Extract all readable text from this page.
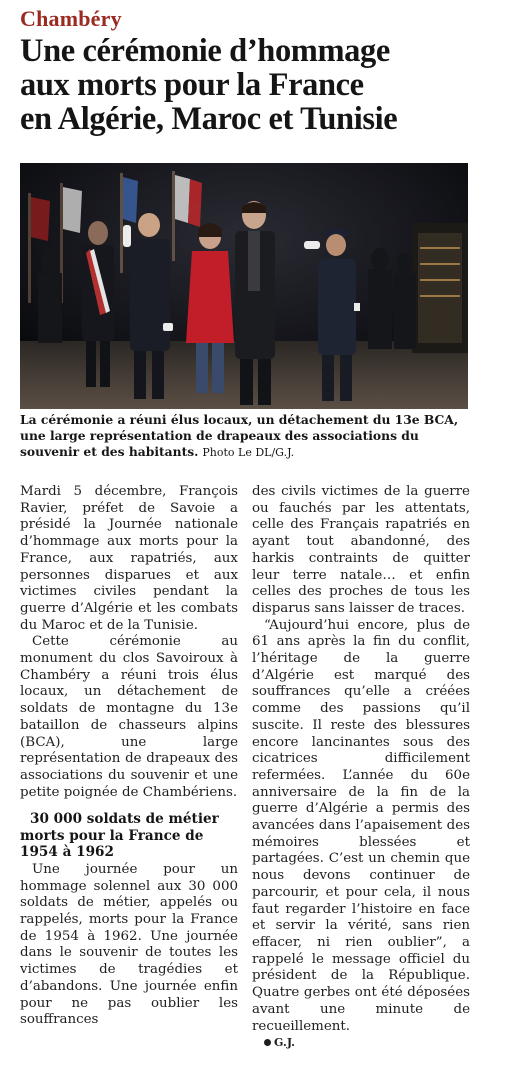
Chambéry
Une cérémonie d’hommage
aux morts pour la France
en Algérie, Maroc et Tunisie
La cérémonie a réuni élus locaux, un détachement du 13e BCA, une large représentation de drapeaux des associations du souvenir et des habitants. Photo Le DL/G.J.

Mardi 5 décembre, François Ravier, préfet de Savoie a présidé la Journée nationale d’hommage aux morts pour la France, aux rapatriés, aux personnes disparues et aux victimes civiles pendant la guerre d’Algérie et les combats du Maroc et de la Tunisie.

Cette cérémonie au monument du clos Savoiroux à Chambéry a réuni trois élus locaux, un détachement de soldats de montagne du 13e bataillon de chasseurs alpins (BCA), une large représentation de drapeaux des associations du souvenir et une petite poignée de Chambériens.

30 000 soldats de métier morts pour la France de 1954 à 1962

Une journée pour un hommage solennel aux 30 000 soldats de métier, appelés ou rappelés, morts pour la France de 1954 à 1962. Une journée dans le souvenir de toutes les victimes de tragédies et d’abandons. Une journée enfin pour ne pas oublier les souffrances

des civils victimes de la guerre ou fauchés par les attentats, celle des Français rapatriés en ayant tout abandonné, des harkis contraints de quitter leur terre natale… et enfin celles des proches de tous les disparus sans laisser de traces.

“Aujourd’hui encore, plus de 61 ans après la fin du conflit, l’héritage de la guerre d’Algérie est marqué des souffrances qu’elle a créées comme des passions qu’il suscite. Il reste des blessures encore lancinantes sous des cicatrices difficilement refermées. L’année du 60e anniversaire de la fin de la guerre d’Algérie a permis des avancées dans l’apaisement des mémoires blessées et partagées. C’est un chemin que nous devons continuer de parcourir, et pour cela, il nous faut regarder l’histoire en face et servir la vérité, sans rien effacer, ni rien oublier”, a rappelé le message officiel du président de la République. Quatre gerbes ont été déposées avant une minute de recueillement.

G.J.
